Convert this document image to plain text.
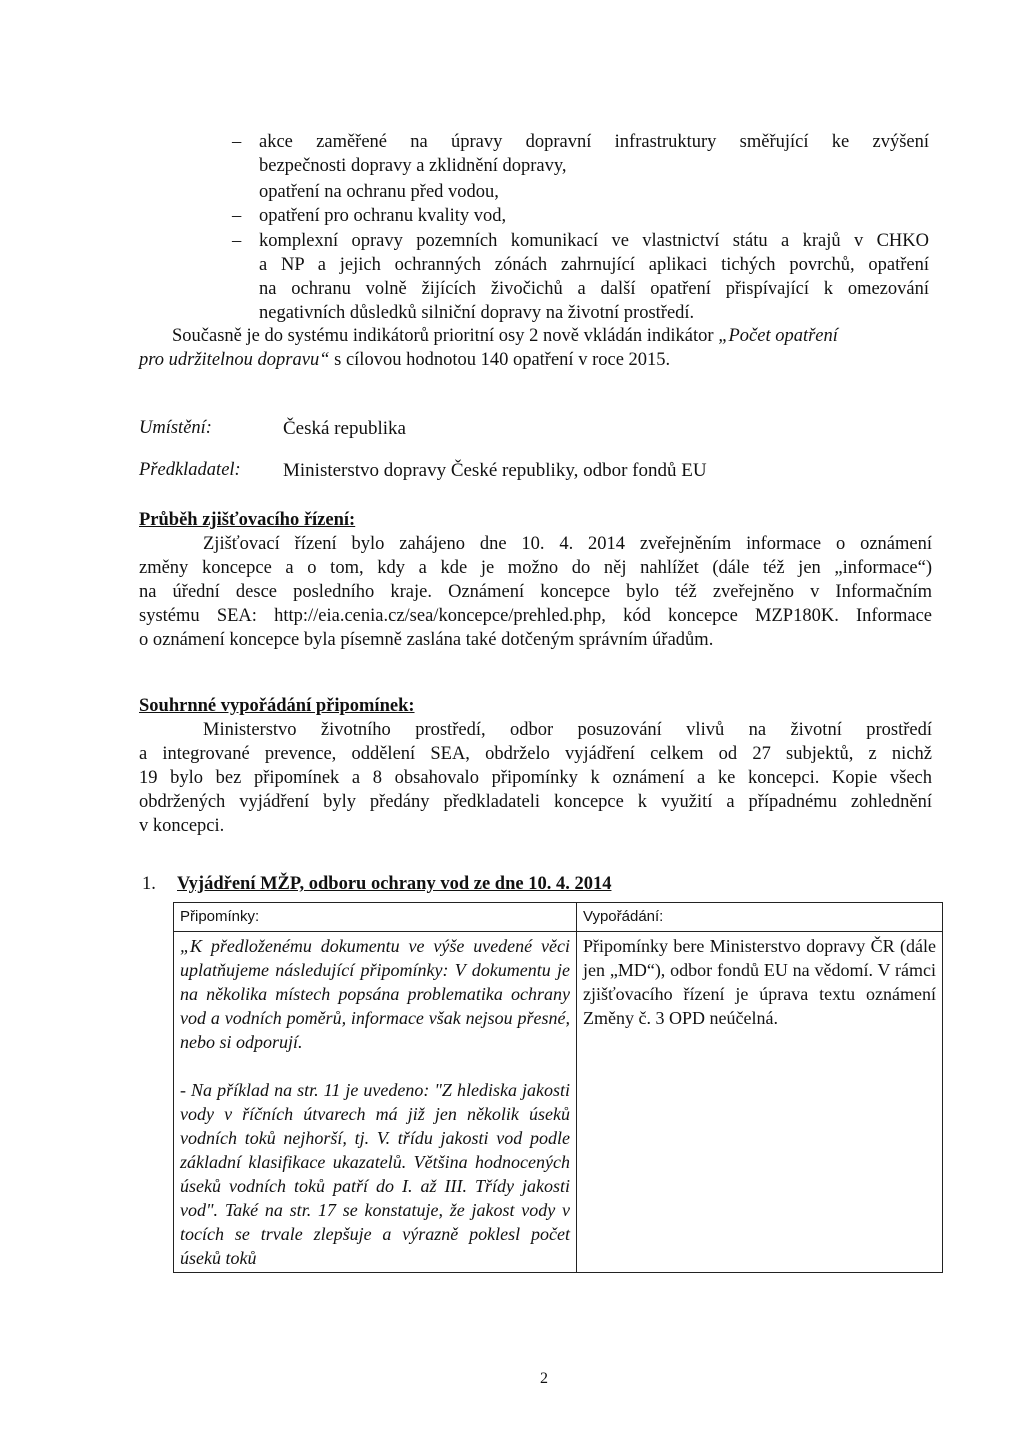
– akce zaměřené na úpravy dopravní infrastruktury směřující ke zvýšení
bezpečnosti dopravy a zklidnění dopravy,
opatření na ochranu před vodou,
– opatření pro ochranu kvality vod,
– komplexní opravy pozemních komunikací ve vlastnictví státu a krajů v CHKO
a NP a jejich ochranných zónách zahrnující aplikaci tichých povrchů, opatření
na ochranu volně žijících živočichů a další opatření přispívající k omezování
negativních důsledků silniční dopravy na životní prostředí.
Současně je do systému indikátorů prioritní osy 2 nově vkládán indikátor „Počet opatření
pro udržitelnou dopravu“ s cílovou hodnotou 140 opatření v roce 2015.
Umístění:	Česká republika
Předkladatel: Ministerstvo dopravy České republiky, odbor fondů EU
Průběh zjišťovacího řízení:
Zjišťovací řízení bylo zahájeno dne 10. 4. 2014 zveřejněním informace o oznámení
změny koncepce a o tom, kdy a kde je možno do něj nahlížet (dále též jen „informace“)
na úřední desce posledního kraje. Oznámení koncepce bylo též zveřejněno v Informačním
systému SEA: http://eia.cenia.cz/sea/koncepce/prehled.php, kód koncepce MZP180K. Informace
o oznámení koncepce byla písemně zaslána také dotčeným správním úřadům.
Souhrnné vypořádání připomínek:
Ministerstvo životního prostředí, odbor posuzování vlivů na životní prostředí
a integrované prevence, oddělení SEA, obdrželo vyjádření celkem od 27 subjektů, z nichž
19 bylo bez připomínek a 8 obsahovalo připomínky k oznámení a ke koncepci. Kopie všech
obdržených vyjádření byly předány předkladateli koncepce k využití a případnému zohlednění
v koncepci.
1. Vyjádření MŽP, odboru ochrany vod ze dne 10. 4. 2014
Připomínky:	Vypořádání:

„K předloženému dokumentu ve výše uvedené věci uplatňujeme následující připomínky: V dokumentu je na několika místech popsána problematika ochrany vod a vodních poměrů, informace však nejsou přesné, nebo si odporují.
- Na příklad na str. 11 je uvedeno: "Z hlediska jakosti vody v říčních útvarech má již jen několik úseků vodních toků nejhorší, tj. V. třídu jakosti vod podle základní klasifikace ukazatelů. Většina hodnocených úseků vodních toků patří do I. až III. Třídy jakosti vod". Také na str. 17 se konstatuje, že jakost vody v tocích se trvale zlepšuje a výrazně poklesl počet úseků toků	Připomínky bere Ministerstvo dopravy ČR (dále jen „MD“), odbor fondů EU na vědomí. V rámci zjišťovacího řízení je úprava textu oznámení Změny č. 3 OPD neúčelná.
2
